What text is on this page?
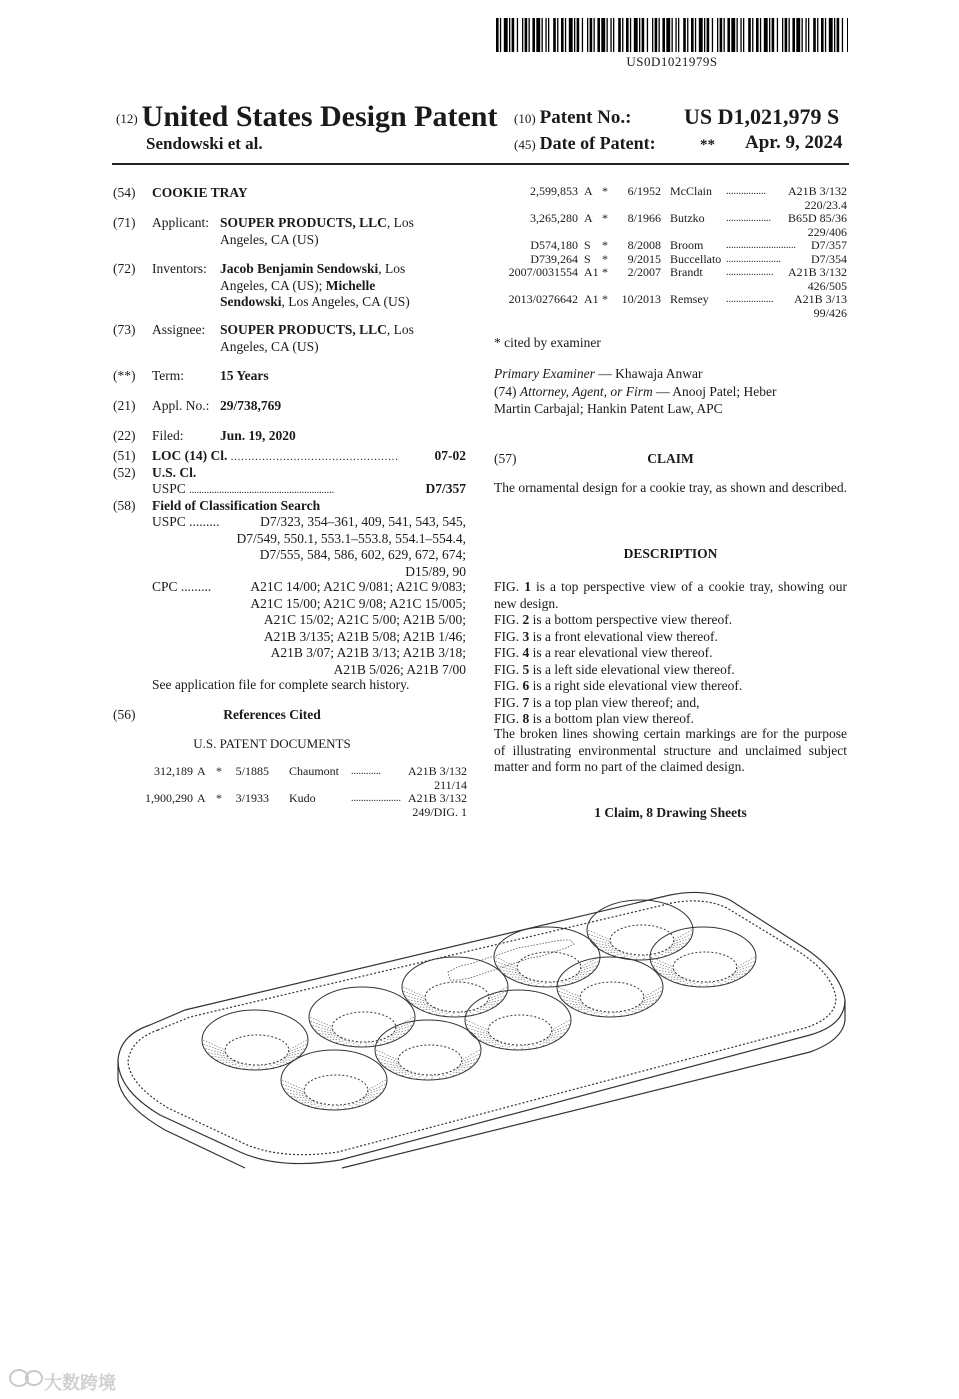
US0D1021979S
(12) United States Design Patent
Sendowski et al.
(10) Patent No.: US D1,021,979 S
(45) Date of Patent:	** Apr. 9, 2024
(54)	COOKIE TRAY
(71)	Applicant: SOUPER PRODUCTS, LLC, Los
Angeles, CA (US)
(72)	Inventors: Jacob Benjamin Sendowski, Los
Angeles, CA (US); Michelle
Sendowski, Los Angeles, CA (US)
(73)	Assignee: SOUPER PRODUCTS, LLC, Los
Angeles, CA (US)
(**)	Term:	15 Years
(21)	Appl. No.: 29/738,769
(22)	Filed:	Jun. 19, 2020
(51)	LOC (14) Cl. ................................................	07-02
(52)	U.S. Cl.
USPC ..........................................................	D7/357
(58)	Field of Classification Search
USPC .........	D7/323, 354–361, 409, 541, 543, 545,
D7/549, 550.1, 553.1–553.8, 554.1–554.4,
D7/555, 584, 586, 602, 629, 672, 674;
D15/89, 90
CPC .........	A21C 14/00; A21C 9/081; A21C 9/083;
A21C 15/00; A21C 9/08; A21C 15/005;
A21C 15/02; A21C 5/00; A21B 5/00;
A21B 3/135; A21B 5/08; A21B 1/46;
A21B 3/07; A21B 3/13; A21B 3/18;
A21B 5/026; A21B 7/00
See application file for complete search history.
(56)	References Cited
U.S. PATENT DOCUMENTS
312,189 A * 5/1885 Chaumont ............ A21B 3/132
211/14
1,900,290 A * 3/1933 Kudo	.................... A21B 3/132
249/DIG. 1
2,599,853 A * 6/1952 McClain ................ A21B 3/132
220/23.4
3,265,280 A * 8/1966 Butzko .................. B65D 85/36
229/406
D574,180 S * 8/2008 Broom ............................ D7/357
D739,264 S * 9/2015 Buccellato ......................	D7/354
2007/0031554 A1 * 2/2007 Brandt ................... A21B 3/132
426/505
2013/0276642 A1 * 10/2013 Remsey ................... A21B 3/13
99/426
* cited by examiner
Primary Examiner — Khawaja Anwar
(74) Attorney, Agent, or Firm — Anooj Patel; Heber
Martin Carbajal; Hankin Patent Law, APC
(57)	CLAIM
The ornamental design for a cookie tray, as shown and described.
DESCRIPTION
FIG. 1 is a top perspective view of a cookie tray, showing our new design.
FIG. 2 is a bottom perspective view thereof.
FIG. 3 is a front elevational view thereof.
FIG. 4 is a rear elevational view thereof.
FIG. 5 is a left side elevational view thereof.
FIG. 6 is a right side elevational view thereof.
FIG. 7 is a top plan view thereof; and,
FIG. 8 is a bottom plan view thereof.
The broken lines showing certain markings are for the purpose of illustrating environmental structure and unclaimed subject matter and form no part of the claimed design.
1 Claim, 8 Drawing Sheets
大数跨境
